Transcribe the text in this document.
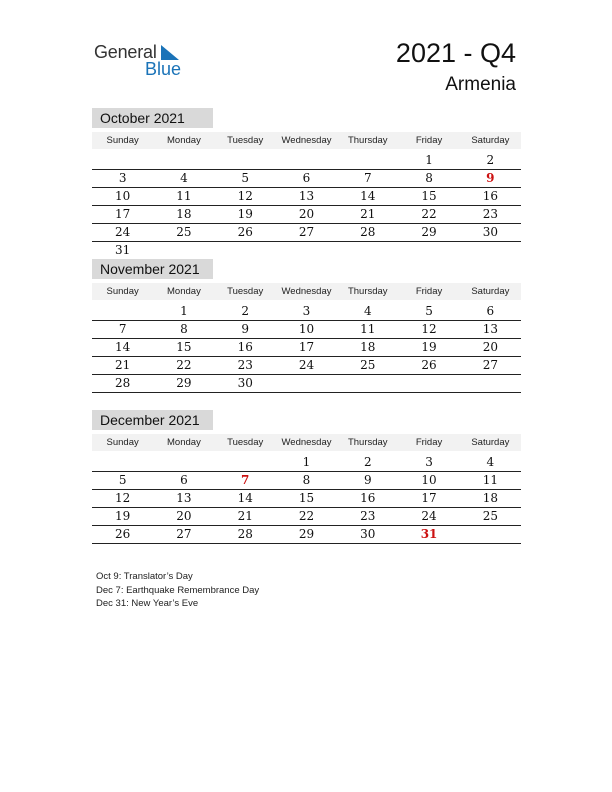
General
Blue
2021 - Q4
Armenia
October 2021
Sunday	Monday	Tuesday	Wednesday	Thursday	Friday	Saturday
					1	2
3	4	5	6	7	8	9
10	11	12	13	14	15	16
17	18	19	20	21	22	23
24	25	26	27	28	29	30
31						
November 2021
Sunday	Monday	Tuesday	Wednesday	Thursday	Friday	Saturday
	1	2	3	4	5	6
7	8	9	10	11	12	13
14	15	16	17	18	19	20
21	22	23	24	25	26	27
28	29	30				
December 2021
Sunday	Monday	Tuesday	Wednesday	Thursday	Friday	Saturday
			1	2	3	4
5	6	7	8	9	10	11
12	13	14	15	16	17	18
19	20	21	22	23	24	25
26	27	28	29	30	31	
Oct 9: Translator’s Day
Dec 7: Earthquake Remembrance Day
Dec 31: New Year’s Eve
